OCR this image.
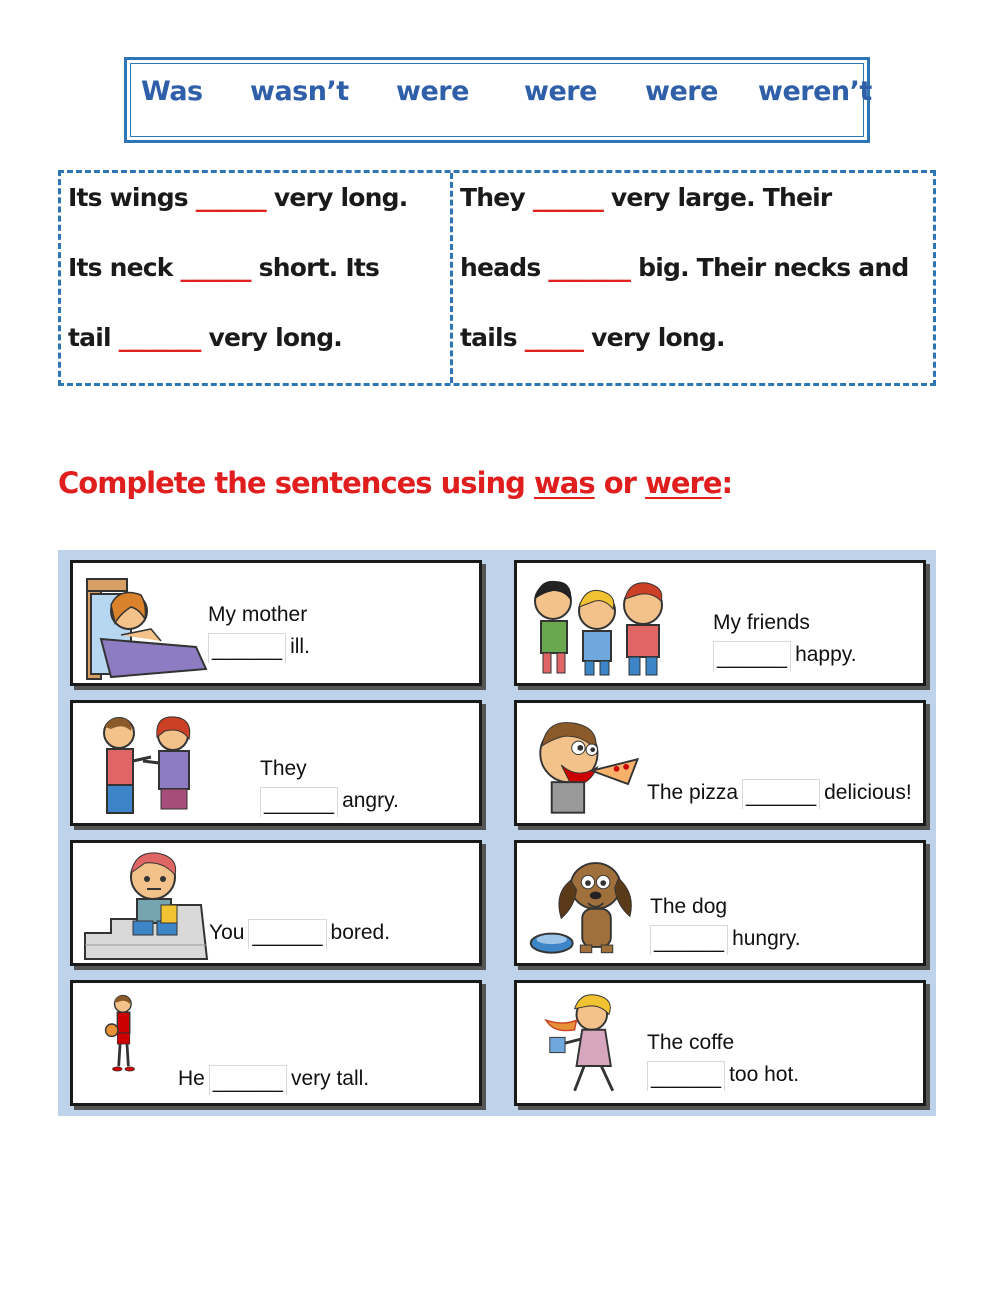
Was wasn’t were were were weren’t
Its wings ______ very long.
Its neck ______ short. Its
tail _______ very long.
They ______ very large. Their
heads _______ big. Their necks and
tails _____ very long.
Complete the sentences using was or were:
My mother
______ ill.
My friends
______ happy.
They
______ angry.	The pizza ______ delicious!
You ______ bored.
The dog
______ hungry.
He ______ very tall.
The coffe
______ too hot.
